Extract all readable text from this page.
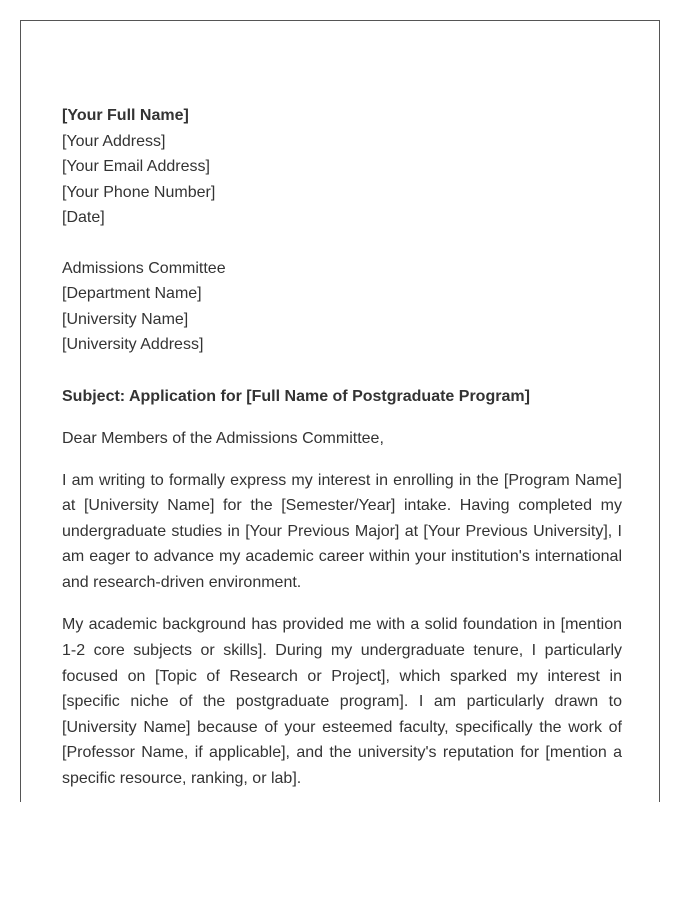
[Your Full Name]

[Your Address]

[Your Email Address]

[Your Phone Number]

[Date]

Admissions Committee

[Department Name]

[University Name]

[University Address]

Subject: Application for [Full Name of Postgraduate Program]

Dear Members of the Admissions Committee,

I am writing to formally express my interest in enrolling in the [Program Name] at [University Name] for the [Semester/Year] intake. Having completed my undergraduate studies in [Your Previous Major] at [Your Previous University], I am eager to advance my academic career within your institution's international and research-driven environment.

My academic background has provided me with a solid foundation in [mention 1-2 core subjects or skills]. During my undergraduate tenure, I particularly focused on [Topic of Research or Project], which sparked my interest in [specific niche of the postgraduate program]. I am particularly drawn to [University Name] because of your esteemed faculty, specifically the work of [Professor Name, if applicable], and the university's reputation for [mention a specific resource, ranking, or lab].
